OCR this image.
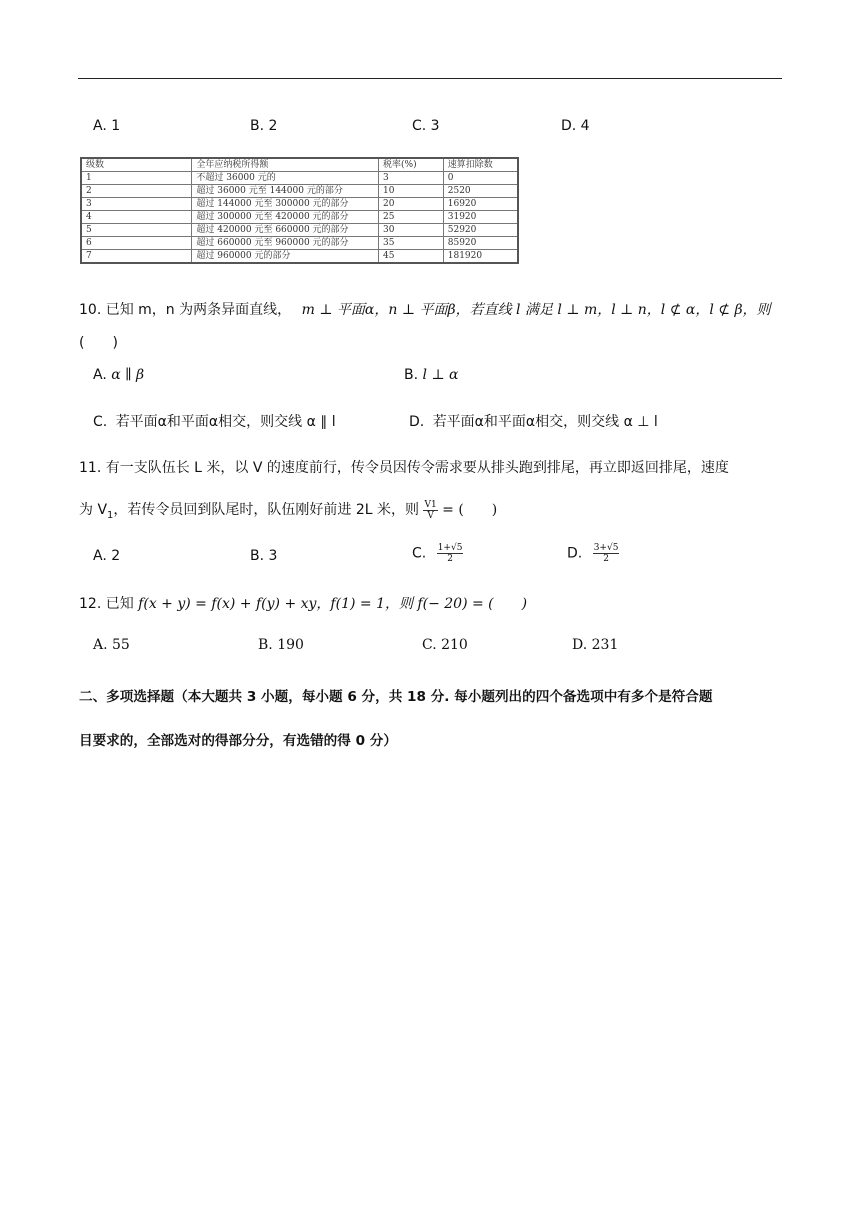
A. 1	B. 2	C. 3	D. 4
级数	全年应纳税所得额	税率(%)	速算扣除数
1	不超过 36000 元的	3	0
2	超过 36000 元至 144000 元的部分	10	2520
3	超过 144000 元至 300000 元的部分	20	16920
4	超过 300000 元至 420000 元的部分	25	31920
5	超过 420000 元至 660000 元的部分	30	52920
6	超过 660000 元至 960000 元的部分	35	85920
7	超过 960000 元的部分	45	181920
10. 已知 m，n 为两条异面直线， m ⊥ 平面α，n ⊥ 平面β，若直线 l 满足 l ⊥ m，l ⊥ n，l ⊄ α，l ⊄ β，则
(　　)
A. α ∥ β	B. l ⊥ α
C. 若平面α和平面α相交，则交线 α ∥ l	D. 若平面α和平面α相交，则交线 α ⊥ l
11. 有一支队伍长 L 米，以 V 的速度前行，传令员因传令需求要从排头跑到排尾，再立即返回排尾，速度
为 $V_1$，若传令员回到队尾时，队伍刚好前进 2L 米，则 $\frac{V1}{V}$ = (　　)
A. 2	B. 3	C. $\frac{1+√5}{2}$	D. $\frac{3+√5}{2}$
12. 已知 f(x + y) = f(x) + f(y) + xy，f(1) = 1，则 f(− 20) = (　　)
A. 55	B. 190	C. 210	D. 231
二、多项选择题（本大题共 3 小题，每小题 6 分，共 18 分. 每小题列出的四个备选项中有多个是符合题
目要求的，全部选对的得部分分，有选错的得 0 分）
